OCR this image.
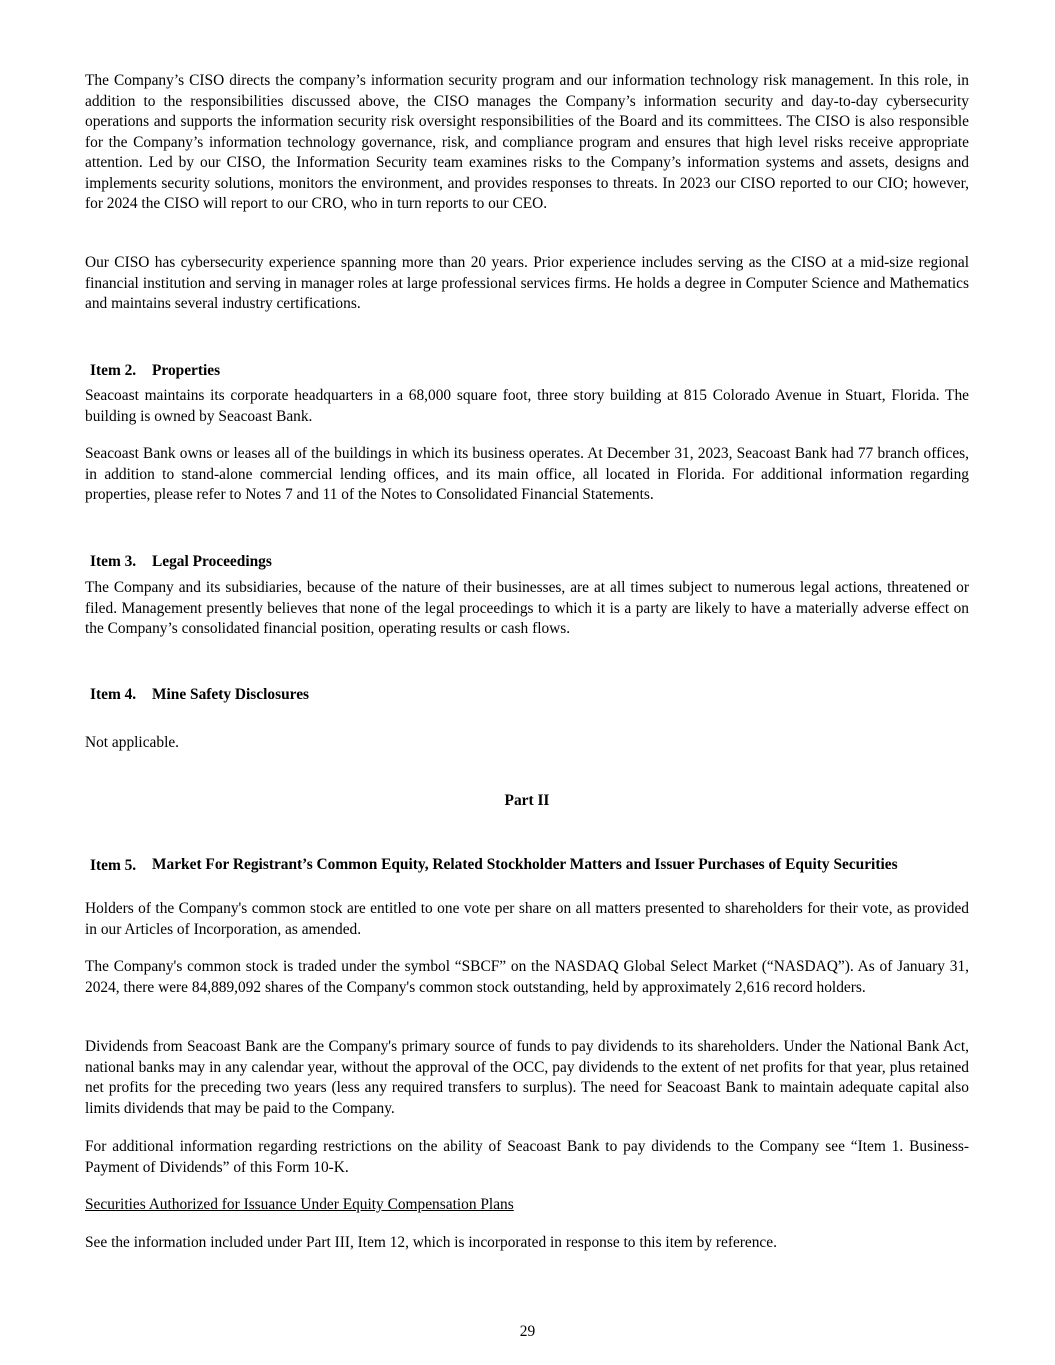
The Company’s CISO directs the company’s information security program and our information technology risk management. In this role, in addition to the responsibilities discussed above, the CISO manages the Company’s information security and day-to-day cybersecurity operations and supports the information security risk oversight responsibilities of the Board and its committees. The CISO is also responsible for the Company’s information technology governance, risk, and compliance program and ensures that high level risks receive appropriate attention. Led by our CISO, the Information Security team examines risks to the Company’s information systems and assets, designs and implements security solutions, monitors the environment, and provides responses to threats. In 2023 our CISO reported to our CIO; however, for 2024 the CISO will report to our CRO, who in turn reports to our CEO.

Our CISO has cybersecurity experience spanning more than 20 years. Prior experience includes serving as the CISO at a mid-size regional financial institution and serving in manager roles at large professional services firms. He holds a degree in Computer Science and Mathematics and maintains several industry certifications.

Item 2.	Properties

Seacoast maintains its corporate headquarters in a 68,000 square foot, three story building at 815 Colorado Avenue in Stuart, Florida. The building is owned by Seacoast Bank.

Seacoast Bank owns or leases all of the buildings in which its business operates. At December 31, 2023, Seacoast Bank had 77 branch offices, in addition to stand-alone commercial lending offices, and its main office, all located in Florida. For additional information regarding properties, please refer to Notes 7 and 11 of the Notes to Consolidated Financial Statements.

Item 3.	Legal Proceedings

The Company and its subsidiaries, because of the nature of their businesses, are at all times subject to numerous legal actions, threatened or filed. Management presently believes that none of the legal proceedings to which it is a party are likely to have a materially adverse effect on the Company’s consolidated financial position, operating results or cash flows.

Item 4.	Mine Safety Disclosures

Not applicable.

Part II
Item 5.	Market For Registrant’s Common Equity, Related Stockholder Matters and Issuer Purchases of Equity Securities

Holders of the Company's common stock are entitled to one vote per share on all matters presented to shareholders for their vote, as provided in our Articles of Incorporation, as amended.

The Company's common stock is traded under the symbol “SBCF” on the NASDAQ Global Select Market (“NASDAQ”). As of January 31, 2024, there were 84,889,092 shares of the Company's common stock outstanding, held by approximately 2,616 record holders.

Dividends from Seacoast Bank are the Company's primary source of funds to pay dividends to its shareholders. Under the National Bank Act, national banks may in any calendar year, without the approval of the OCC, pay dividends to the extent of net profits for that year, plus retained net profits for the preceding two years (less any required transfers to surplus). The need for Seacoast Bank to maintain adequate capital also limits dividends that may be paid to the Company.

For additional information regarding restrictions on the ability of Seacoast Bank to pay dividends to the Company see “Item 1. Business- Payment of Dividends” of this Form 10-K.

Securities Authorized for Issuance Under Equity Compensation Plans

See the information included under Part III, Item 12, which is incorporated in response to this item by reference.

29
